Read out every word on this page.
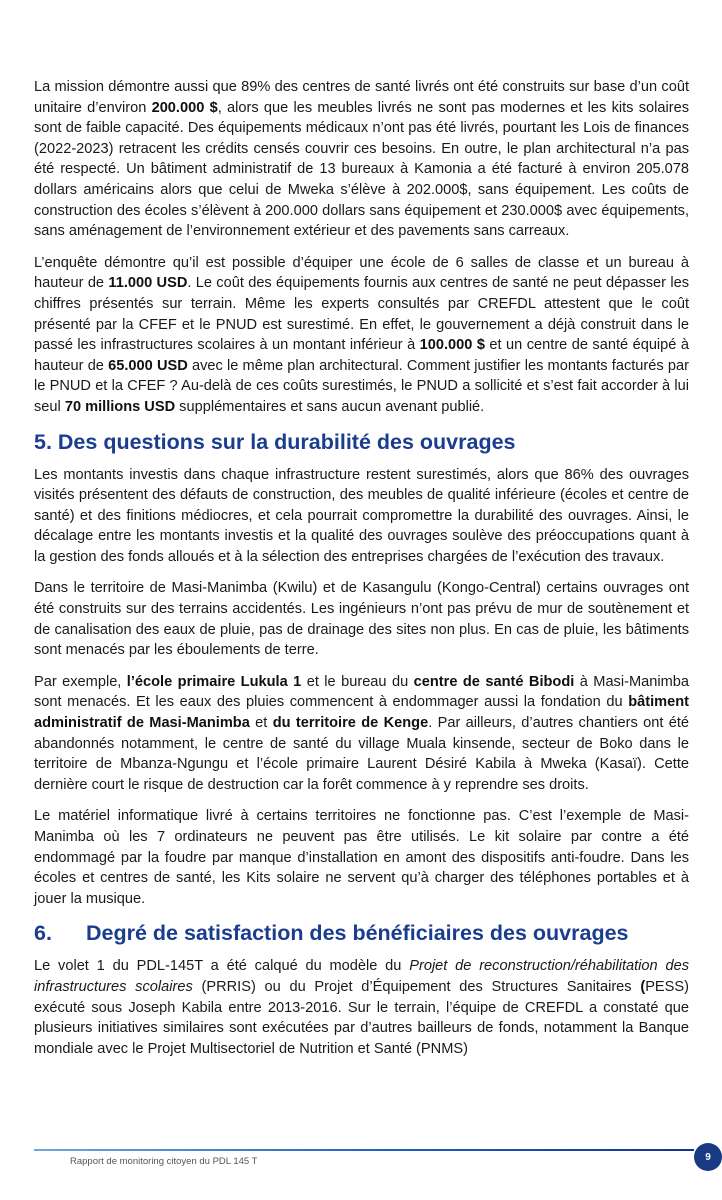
La mission démontre aussi que 89% des centres de santé livrés ont été construits sur base d’un coût unitaire d’environ 200.000 $, alors que les meubles livrés ne sont pas modernes et les kits solaires sont de faible capacité. Des équipements médicaux n’ont pas été livrés, pourtant les Lois de finances (2022-2023) retracent les crédits censés couvrir ces besoins. En outre, le plan architectural n’a pas été respecté. Un bâtiment administratif de 13 bureaux à Kamonia a été facturé à environ 205.078 dollars américains alors que celui de Mweka s’élève à 202.000$, sans équipement. Les coûts de construction des écoles s’élèvent à 200.000 dollars sans équipement et 230.000$ avec équipements, sans aménagement de l’environnement extérieur et des pavements sans carreaux.

L’enquête démontre qu’il est possible d’équiper une école de 6 salles de classe et un bureau à hauteur de 11.000 USD. Le coût des équipements fournis aux centres de santé ne peut dépasser les chiffres présentés sur terrain. Même les experts consultés par CREFDL attestent que le coût présenté par la CFEF et le PNUD est surestimé. En effet, le gouvernement a déjà construit dans le passé les infrastructures scolaires à un montant inférieur à 100.000 $ et un centre de santé équipé à hauteur de 65.000 USD avec le même plan architectural. Comment justifier les montants facturés par le PNUD et la CFEF ? Au-delà de ces coûts surestimés, le PNUD a sollicité et s’est fait accorder à lui seul 70 millions USD supplémentaires et sans aucun avenant publié.

5. Des questions sur la durabilité des ouvrages

Les montants investis dans chaque infrastructure restent surestimés, alors que 86% des ouvrages visités présentent des défauts de construction, des meubles de qualité inférieure (écoles et centre de santé) et des finitions médiocres, et cela pourrait compromettre la durabilité des ouvrages. Ainsi, le décalage entre les montants investis et la qualité des ouvrages soulève des préoccupations quant à la gestion des fonds alloués et à la sélection des entreprises chargées de l’exécution des travaux.

Dans le territoire de Masi-Manimba (Kwilu) et de Kasangulu (Kongo-Central) certains ouvrages ont été construits sur des terrains accidentés. Les ingénieurs n’ont pas prévu de mur de soutènement et de canalisation des eaux de pluie, pas de drainage des sites non plus. En cas de pluie, les bâtiments sont menacés par les éboulements de terre.

Par exemple, l’école primaire Lukula 1 et le bureau du centre de santé Bibodi à Masi-Manimba sont menacés. Et les eaux des pluies commencent à endommager aussi la fondation du bâtiment administratif de Masi-Manimba et du territoire de Kenge. Par ailleurs, d’autres chantiers ont été abandonnés notamment, le centre de santé du village Muala kinsende, secteur de Boko dans le territoire de Mbanza-Ngungu et l’école primaire Laurent Désiré Kabila à Mweka (Kasaï). Cette dernière court le risque de destruction car la forêt commence à y reprendre ses droits.

Le matériel informatique livré à certains territoires ne fonctionne pas. C’est l’exemple de Masi-Manimba où les 7 ordinateurs ne peuvent pas être utilisés. Le kit solaire par contre a été endommagé par la foudre par manque d’installation en amont des dispositifs anti-foudre. Dans les écoles et centres de santé, les Kits solaire ne servent qu’à charger des téléphones portables et à jouer la musique.

6. Degré de satisfaction des bénéficiaires des ouvrages

Le volet 1 du PDL-145T a été calqué du modèle du Projet de reconstruction/réhabilitation des infrastructures scolaires (PRRIS) ou du Projet d’Équipement des Structures Sanitaires (PESS) exécuté sous Joseph Kabila entre 2013-2016. Sur le terrain, l’équipe de CREFDL a constaté que plusieurs initiatives similaires sont exécutées par d’autres bailleurs de fonds, notamment la Banque mondiale avec le Projet Multisectoriel de Nutrition et Santé (PNMS)

Rapport de monitoring citoyen du PDL 145 T	9
